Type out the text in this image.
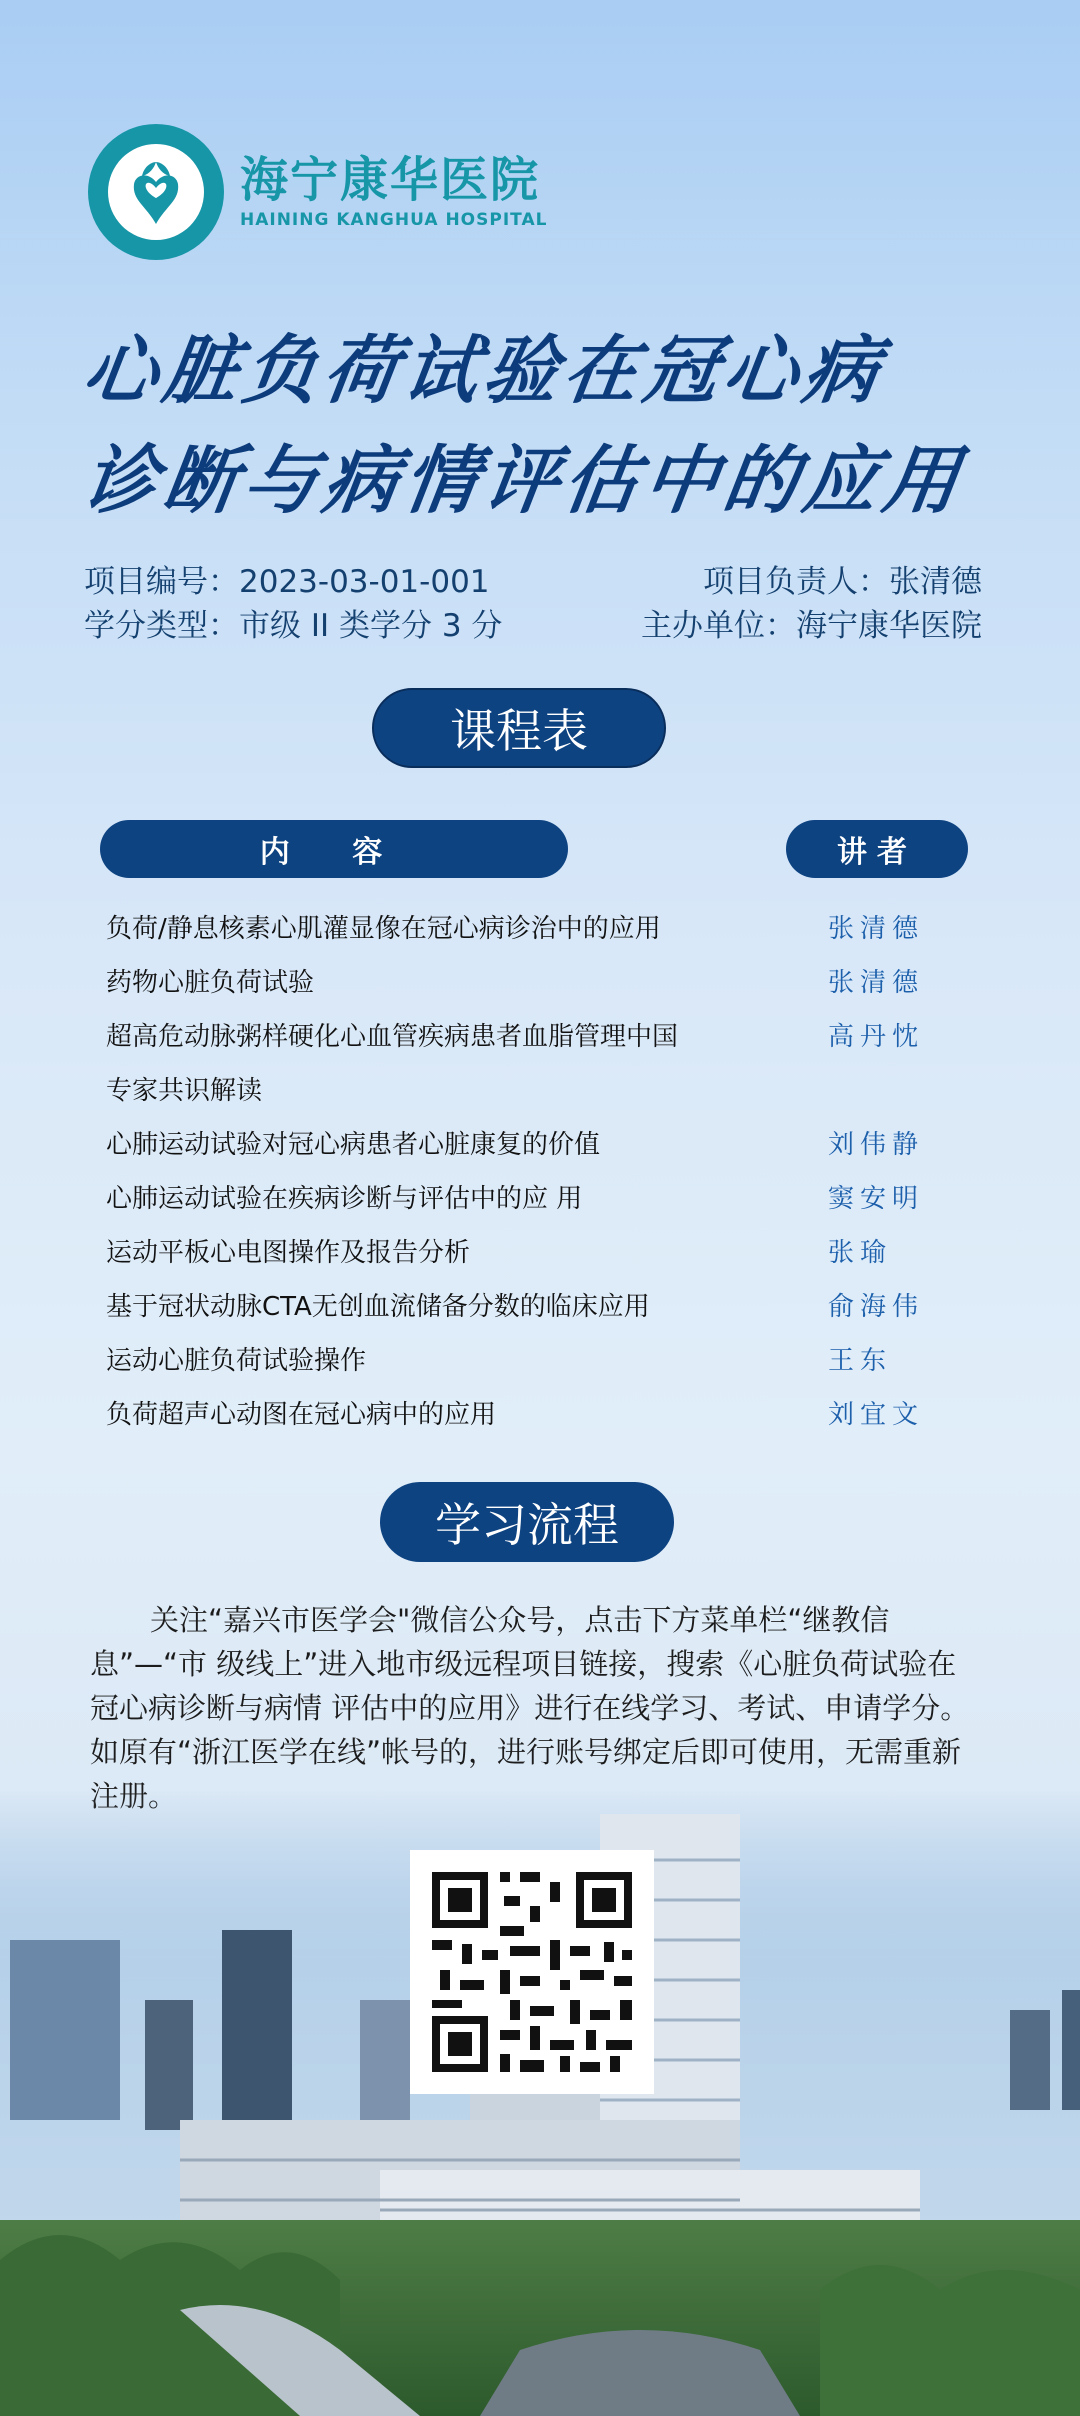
海宁康华医院
HAINING KANGHUA HOSPITAL
心脏负荷试验在冠心病
诊断与病情评估中的应用
项目编号：2023-03-01-001	项目负责人：张清德
学分类型：市级 II 类学分 3 分	主办单位：海宁康华医院
课程表
内 容	讲者
负荷/静息核素心肌灌显像在冠心病诊治中的应用	张清德
药物心脏负荷试验	张清德
超高危动脉粥样硬化心血管疾病患者血脂管理中国	高丹忱
专家共识解读
心肺运动试验对冠心病患者心脏康复的价值	刘伟静
心肺运动试验在疾病诊断与评估中的应 用	窦安明
运动平板心电图操作及报告分析	张瑜
基于冠状动脉CTA无创血流储备分数的临床应用	俞海伟
运动心脏负荷试验操作	王东
负荷超声心动图在冠心病中的应用	刘宜文
学习流程

关注“嘉兴市医学会"微信公众号，点击下方菜单栏“继教信息”—“市 级线上”进入地市级远程项目链接，搜索《心脏负荷试验在冠心病诊断与病情 评估中的应用》进行在线学习、考试、申请学分。如原有“浙江医学在线”帐号的，进行账号绑定后即可使用，无需重新
